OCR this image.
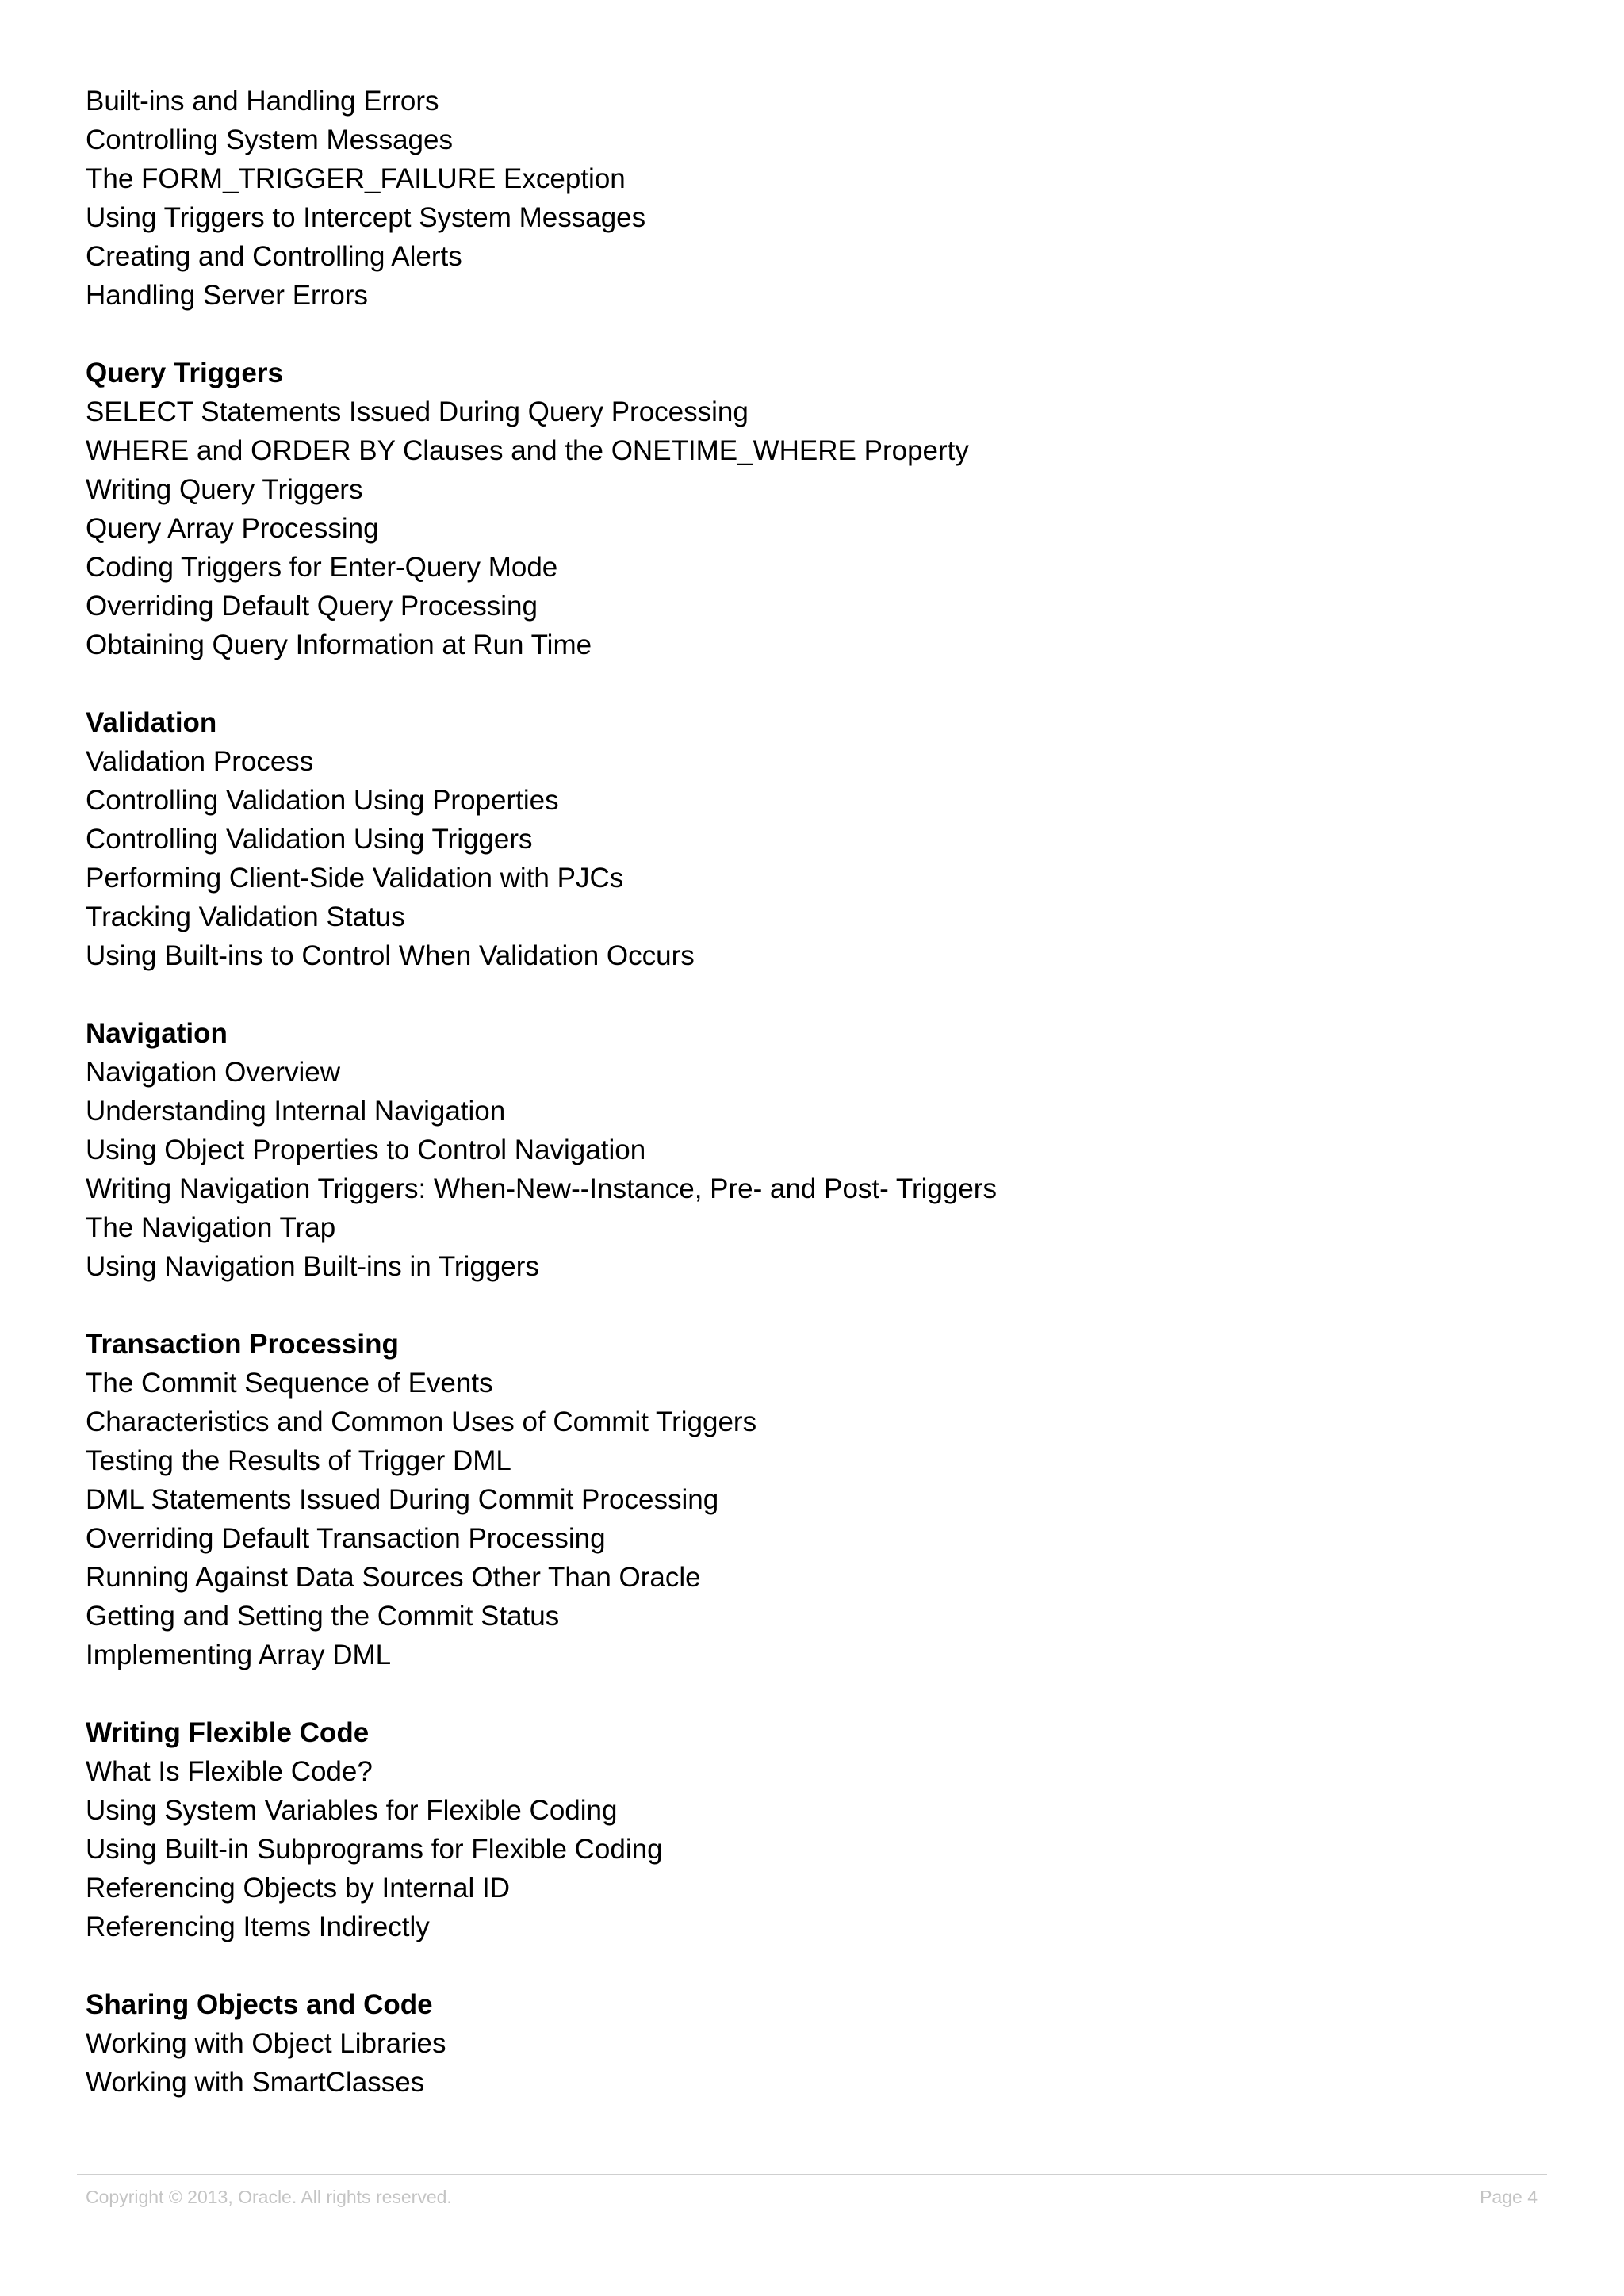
Built-ins and Handling Errors
Controlling System Messages
The FORM_TRIGGER_FAILURE Exception
Using Triggers to Intercept System Messages
Creating and Controlling Alerts
Handling Server Errors
Query Triggers
SELECT Statements Issued During Query Processing
WHERE and ORDER BY Clauses and the ONETIME_WHERE Property
Writing Query Triggers
Query Array Processing
Coding Triggers for Enter-Query Mode
Overriding Default Query Processing
Obtaining Query Information at Run Time
Validation
Validation Process
Controlling Validation Using Properties
Controlling Validation Using Triggers
Performing Client-Side Validation with PJCs
Tracking Validation Status
Using Built-ins to Control When Validation Occurs
Navigation
Navigation Overview
Understanding Internal Navigation
Using Object Properties to Control Navigation
Writing Navigation Triggers: When-New--Instance, Pre- and Post- Triggers
The Navigation Trap
Using Navigation Built-ins in Triggers
Transaction Processing
The Commit Sequence of Events
Characteristics and Common Uses of Commit Triggers
Testing the Results of Trigger DML
DML Statements Issued During Commit Processing
Overriding Default Transaction Processing
Running Against Data Sources Other Than Oracle
Getting and Setting the Commit Status
Implementing Array DML
Writing Flexible Code
What Is Flexible Code?
Using System Variables for Flexible Coding
Using Built-in Subprograms for Flexible Coding
Referencing Objects by Internal ID
Referencing Items Indirectly
Sharing Objects and Code
Working with Object Libraries
Working with SmartClasses
Copyright © 2013, Oracle. All rights reserved.	Page 4
